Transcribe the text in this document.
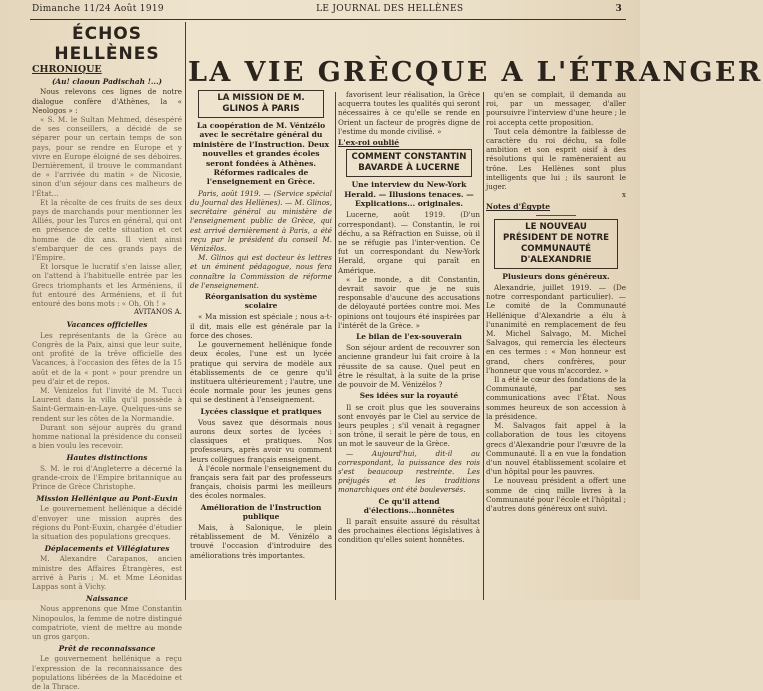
Dimanche 11/24 Août 1919	LE JOURNAL DES HELLÈNES	3
LA VIE GRÈCQUE A L'ÉTRANGER
ÉCHOS HELLÈNES
CHRONIQUE
(Au! claoun Padischah !...)

Nous relevons ces lignes de notre dialogue confère d'Athènes, la « Neologos » :

« S. M. le Sultan Mehmed, désespéré de ses conseillers, a décidé de se séparer pour un certain temps de son pays, pour se rendre en Europe et y vivre en Europe éloigné de ses déboires. Dernièrement, il trouve le commandant de « l'arrivée du matin » de Nicosie, sinon d'un séjour dans ces malheurs de l'État...

Et la récolte de ces fruits de ses deux pays de marchands pour mentionner les Alliés, pour les Turcs en général, qui ont en présence de cette situation et cet homme de dix ans. Il vient ainsi s'embarquer de ces grands pays de l'Empire.

Et lorsque le lucratif s'en laisse aller, on l'attend à l'habituelle entrée par les Grecs triomphants et les Arméniens, il fut entouré des Arméniens, et il fut entouré des bons mots : « Oh, Oh ! »

AVITANOS A.
Vacances officielles

Les représentants de la Grèce au Congrès de la Paix, ainsi que leur suite, ont profité de la trêve officielle des Vacances, à l'occasion des fêtes de la 15 août et de la « pont » pour prendre un peu d'air et de repos.

M. Venizelos fut l'invité de M. Tucci Laurent dans la villa qu'il possède à Saint-Germain-en-Laye. Quelques-uns se rendent sur les côtes de la Normandie.

Durant son séjour auprès du grand homme national la présidence du conseil a bien voulu les recevoir.

Hautes distinctions

S. M. le roi d'Angleterre a décerné la grande-croix de l'Empire britannique au Prince de Grèce Christophe.

Mission Hellénique au Pont-Euxin

Le gouvernement hellénique a décidé d'envoyer une mission auprès des régions du Pont-Euxin, chargée d'étudier la situation des populations grecques.

Déplacements et Villégiatures

M. Alexandre Carapanos, ancien ministre des Affaires Étrangères, est arrivé à Paris ; M. et Mme Léonidas Lappas sont à Vichy.

Naissance

Nous apprenons que Mme Constantin Ninopoulos, la femme de notre distingué compatriote, vient de mettre au monde un gros garçon.

Prêt de reconnaissance

Le gouvernement hellénique a reçu l'expression de la reconnaissance des populations libérées de la Macédoine et de la Thrace.

LA MISSION DE M. GLINOS À PARIS
La coopération de M. Vénizélo avec le secrétaire général du ministère de l'Instruction. Deux nouvelles et grandes écoles seront fondées à Athènes. Réformes radicales de l'enseignement en Grèce.

Paris, août 1919. — (Service spécial du Journal des Hellènes). — M. Glinos, secrétaire général au ministère de l'enseignement public de Grèce, qui est arrivé dernièrement à Paris, a été reçu par le président du conseil M. Vénizélos.

M. Glinos qui est docteur ès lettres et un éminent pédagogue, nous fera connaître la Commission de réforme de l'enseignement.

Réorganisation du système scolaire

« Ma mission est spéciale ; nous a-t-il dit, mais elle est générale par la force des choses.

Le gouvernement hellénique fonde deux écoles, l'une est un lycée pratique qui servira de modèle aux établissements de ce genre qu'il instituera ultérieurement ; l'autre, une école normale pour les jeunes gens qui se destinent à l'enseignement.

Lycées classique et pratiques

Vous savez que désormais nous aurons deux sortes de lycées : classiques et pratiques. Nos professeurs, après avoir vu comment leurs collègues français enseignent.

À l'école normale l'enseignement du français sera fait par des professeurs français, choisis parmi les meilleurs des écoles normales.

Amélioration de l'Instruction publique

Mais, à Salonique, le plein rétablissement de M. Vénizélo a trouvé l'occasion d'introduire des améliorations très importantes.

favorisent leur réalisation, la Grèce acquerra toutes les qualités qui seront nécessaires à ce qu'elle se rende en Orient un facteur de progrès digne de l'estime du monde civilisé. »

L'ex-roi oublié
COMMENT CONSTANTIN BAVARDE À LUCERNE
Une interview du New-York Herald. — Illusions tenaces. — Explications... originales.

Lucerne, août 1919. (D'un correspondant). — Constantin, le roi déchu, a sa Réfraction en Suisse, où il ne se réfugie pas l'inter-vention. Ce fut un correspondant du New-York Herald, organe qui paraît en Amérique.

« Le monde, a dit Constantin, devrait savoir que je ne suis responsable d'aucune des accusations de déloyauté portées contre moi. Mes opinions ont toujours été inspirées par l'intérêt de la Grèce. »

Le bilan de l'ex-souverain

Son séjour ardent de recouvrer son ancienne grandeur lui fait croire à la réussite de sa cause. Quel peut en être le résultat, à la suite de la prise de pouvoir de M. Vénizélos ?

Ses idées sur la royauté

Il se croit plus que les souverains sont envoyés par le Ciel au service de leurs peuples ; s'il venait à regagner son trône, il serait le père de tous, en un mot le sauveur de la Grèce.

— Aujourd'hui, dit-il au correspondant, la puissance des rois s'est beaucoup restreinte. Les préjugés et les traditions monarchiques ont été bouleversés.

Ce qu'il attend d'élections...honnêtes

Il paraît ensuite assuré du résultat des prochaines élections législatives à condition qu'elles soient honnêtes.

qu'en se complait, il demanda au roi, par un messager, d'aller poursuivre l'interview d'une heure ; le roi accepta cette proposition.

Tout cela démontre la faiblesse de caractère du roi déchu, sa folle ambition et son esprit oisif à des résolutions qui le ramèneraient au trône. Les Hellènes sont plus intelligents que lui ; ils sauront le juger.

x
Notes d'Égypte
LE NOUVEAU PRÉSIDENT DE NOTRE COMMUNAUTÉ D'ALEXANDRIE
Plusieurs dons généreux.

Alexandrie, juillet 1919. — (De notre correspondant particulier). — Le comité de la Communauté Hellénique d'Alexandrie a élu à l'unanimité en remplacement de feu M. Michel Salvago, M. Michel Salvagos, qui remercia les électeurs en ces termes : « Mon honneur est grand, chers confrères, pour l'honneur que vous m'accordez. »

Il a été le cœur des fondations de la Communauté, par ses communications avec l'État. Nous sommes heureux de son accession à la présidence.

M. Salvagos fait appel à la collaboration de tous les citoyens grecs d'Alexandrie pour l'œuvre de la Communauté. Il a en vue la fondation d'un nouvel établissement scolaire et d'un hôpital pour les pauvres.

Le nouveau président a offert une somme de cinq mille livres à la Communauté pour l'école et l'hôpital ; d'autres dons généreux ont suivi.
